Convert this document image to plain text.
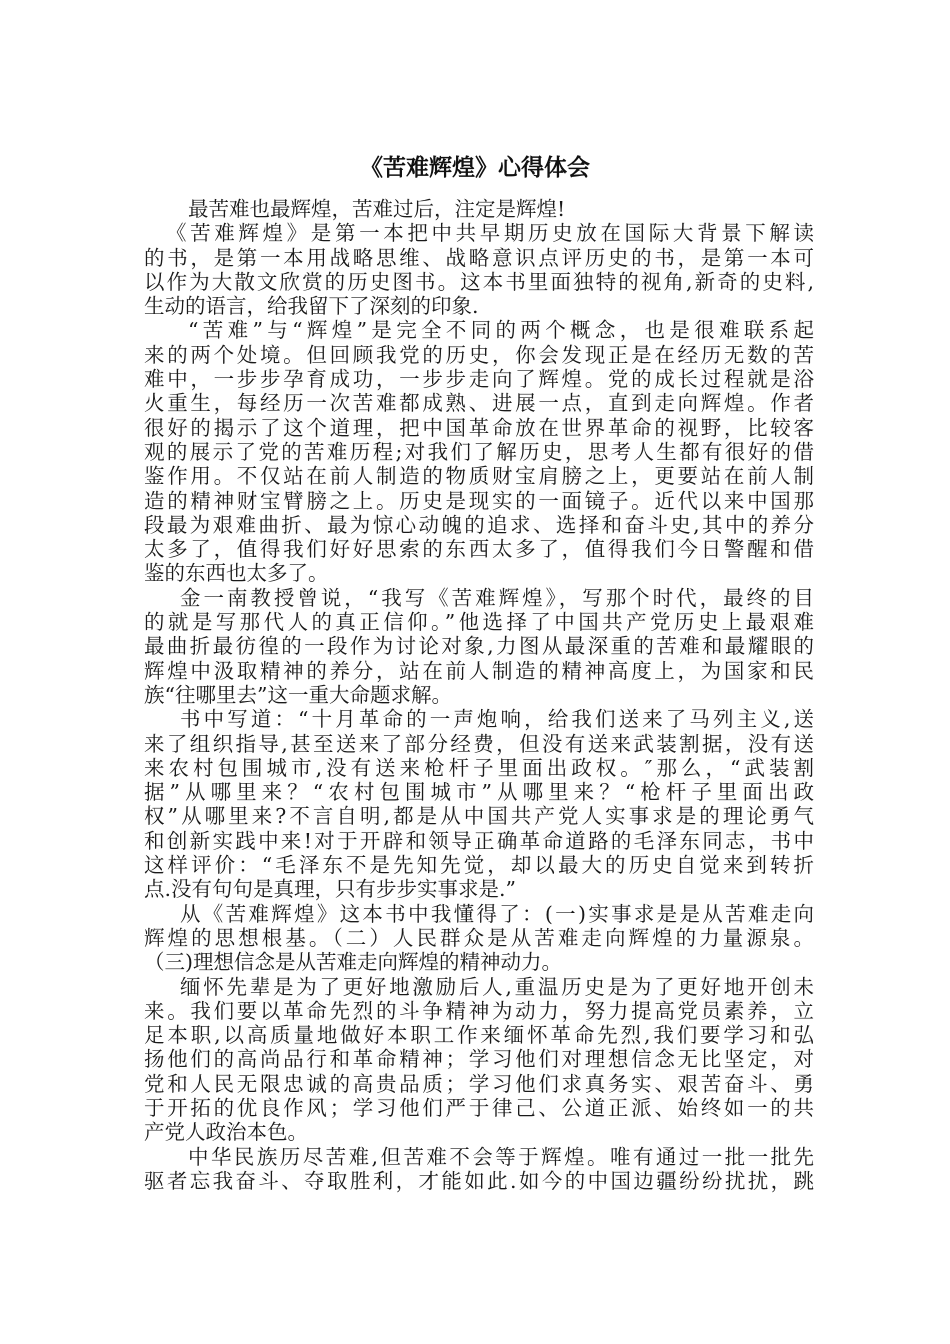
《苦难辉煌》心得体会
最苦难也最辉煌，苦难过后，注定是辉煌!
《苦难辉煌》是第一本把中共早期历史放在国际大背景下解读
的书，是第一本用战略思维、战略意识点评历史的书，是第一本可
以作为大散文欣赏的历史图书。这本书里面独特的视角,新奇的史料,
生动的语言，给我留下了深刻的印象.
“苦难”与“辉煌”是完全不同的两个概念，也是很难联系起
来的两个处境。但回顾我党的历史，你会发现正是在经历无数的苦
难中，一步步孕育成功，一步步走向了辉煌。党的成长过程就是浴
火重生，每经历一次苦难都成熟、进展一点，直到走向辉煌。作者
很好的揭示了这个道理，把中国革命放在世界革命的视野，比较客
观的展示了党的苦难历程;对我们了解历史，思考人生都有很好的借
鉴作用。不仅站在前人制造的物质财宝肩膀之上，更要站在前人制
造的精神财宝臂膀之上。历史是现实的一面镜子。近代以来中国那
段最为艰难曲折、最为惊心动魄的追求、选择和奋斗史,其中的养分
太多了，值得我们好好思索的东西太多了，值得我们今日警醒和借
鉴的东西也太多了。
金一南教授曾说，“我写《苦难辉煌》，写那个时代，最终的目
的就是写那代人的真正信仰。”他选择了中国共产党历史上最艰难
最曲折最彷徨的一段作为讨论对象,力图从最深重的苦难和最耀眼的
辉煌中汲取精神的养分，站在前人制造的精神高度上，为国家和民
族“往哪里去”这一重大命题求解。
书中写道：“十月革命的一声炮响，给我们送来了马列主义,送
来了组织指导,甚至送来了部分经费，但没有送来武装割据，没有送
来农村包围城市,没有送来枪杆子里面出政权。″那么，“武装割
据”从哪里来？“农村包围城市”从哪里来？“枪杆子里面出政
权”从哪里来?不言自明,都是从中国共产党人实事求是的理论勇气
和创新实践中来!对于开辟和领导正确革命道路的毛泽东同志，书中
这样评价：“毛泽东不是先知先觉，却以最大的历史自觉来到转折
点.没有句句是真理，只有步步实事求是.”
从《苦难辉煌》这本书中我懂得了：(一)实事求是是从苦难走向
辉煌的思想根基。（二）人民群众是从苦难走向辉煌的力量源泉。
（三)理想信念是从苦难走向辉煌的精神动力。
缅怀先辈是为了更好地激励后人,重温历史是为了更好地开创未
来。我们要以革命先烈的斗争精神为动力，努力提高党员素养，立
足本职,以高质量地做好本职工作来缅怀革命先烈,我们要学习和弘
扬他们的高尚品行和革命精神；学习他们对理想信念无比坚定，对
党和人民无限忠诚的高贵品质；学习他们求真务实、艰苦奋斗、勇
于开拓的优良作风；学习他们严于律己、公道正派、始终如一的共
产党人政治本色。
中华民族历尽苦难,但苦难不会等于辉煌。唯有通过一批一批先
驱者忘我奋斗、夺取胜利，才能如此.如今的中国边疆纷纷扰扰，跳
